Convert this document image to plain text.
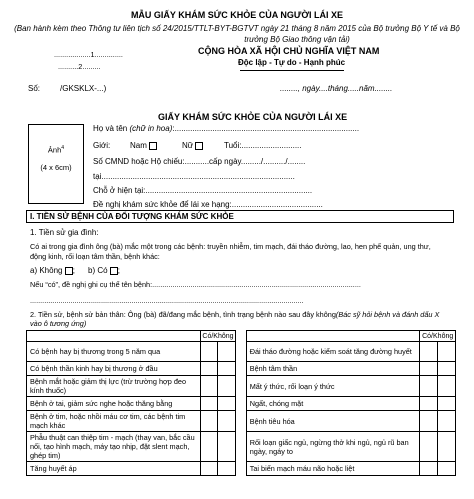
MẪU GIẤY KHÁM SỨC KHỎE CỦA NGƯỜI LÁI XE
(Ban hành kèm theo Thông tư liên tịch số 24/2015/TTLT-BYT-BGTVT ngày 21 tháng 8 năm 2015 của Bộ trưởng Bộ Y tế và Bộ
trưởng Bộ Giao thông vận tải)
..................1..............
..........2.........
Số: /GKSKLX-...)
CỘNG HÒA XÃ HỘI CHỦ NGHĨA VIỆT NAM
Độc lập - Tự do - Hạnh phúc
........, ngày....tháng.....năm........
GIẤY KHÁM SỨC KHỎE CỦA NGƯỜI LÁI XE
Ảnh$^4$
(4 x 6cm)
Họ và tên (chữ in hoa):...................................................................................
Giới: Nam	Nữ	Tuổi:...........................
Số CMND hoặc Hộ chiếu:...........cấp ngày........./........../........
tại.......................................................................................
Chỗ ở hiện tại:...........................................................................
Đề nghị khám sức khỏe để lái xe hạng:.........................................
I. TIỀN SỬ BỆNH CỦA ĐỐI TƯỢNG KHÁM SỨC KHỎE
1. Tiền sử gia đình:
Có ai trong gia đình ông (bà) mắc một trong các bệnh: truyền nhiễm, tim mạch, đái tháo đường, lao, hen phế quản, ung thư,
động kinh, rối loạn tâm thần, bệnh khác:
a) Không ; b) Có ;
Nếu “có”, đề nghị ghi cụ thể tên bệnh:.......................................................................................................
.......................................................................................................................................
2. Tiền sử, bệnh sử bản thân: Ông (bà) đã/đang mắc bệnh, tình trạng bệnh nào sau đây không(Bác sỹ hỏi bệnh và đánh dấu X
vào ô tương ứng)
	Có/Không				Có/Không	
Có bệnh hay bị thương trong 5 năm qua				Đái tháo đường hoặc kiểm soát tăng đường huyết		
Có bệnh thần kinh hay bị thương ở đầu				Bệnh tâm thần		
Bệnh mắt hoặc giảm thị lực (trừ trường hợp đeo kính thuốc)				Mất ý thức, rối loạn ý thức		
Bệnh ở tai, giảm sức nghe hoặc thăng bằng				Ngất, chóng mặt		
Bệnh ở tim, hoặc nhồi máu cơ tim, các bệnh tim mạch khác				Bệnh tiêu hóa		
Phẫu thuật can thiệp tim - mạch (thay van, bắc cầu nối, tạo hình mạch, máy tạo nhịp, đặt slent mạch, ghép tim)				Rối loạn giấc ngủ, ngừng thở khi ngủ, ngủ rũ ban ngày, ngáy to		
Tăng huyết áp				Tai biến mạch máu não hoặc liệt		
